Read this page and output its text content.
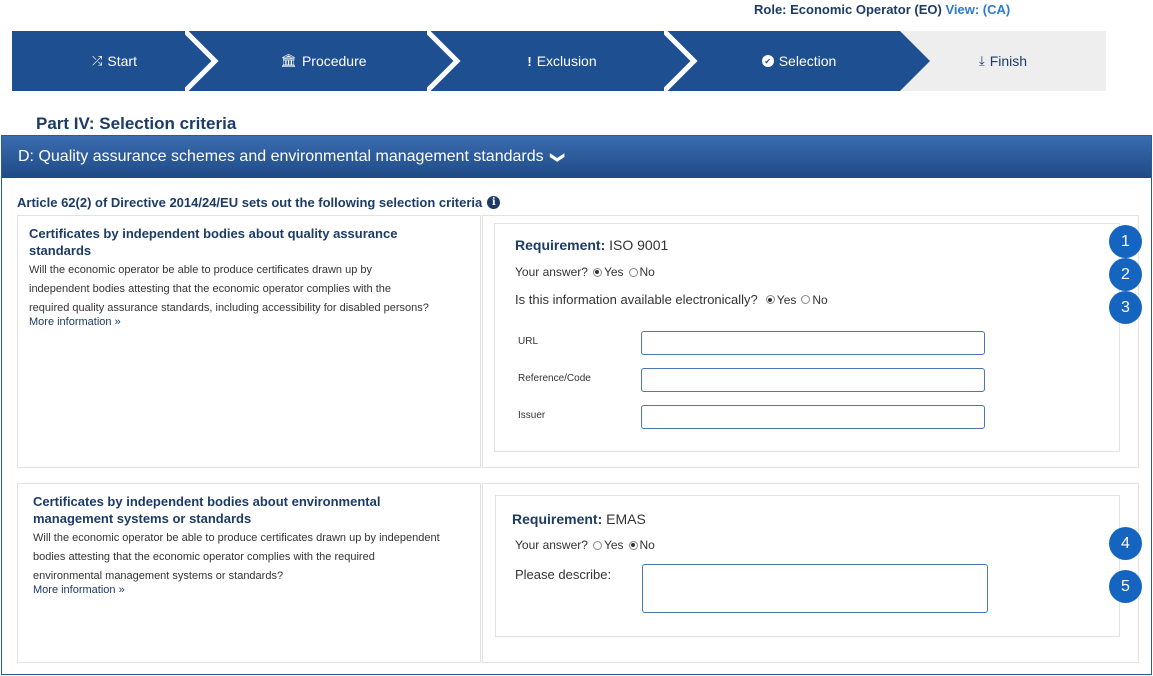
Role: Economic Operator (EO) View: (CA)
⤮ Start	🏛 Procedure	! Exclusion	✔ Selection	⤓ Finish
Part IV: Selection criteria
D: Quality assurance schemes and environmental management standards ❯
Article 62(2) of Directive 2014/24/EU sets out the following selection criteria i
Certificates by independent bodies about quality assurance standards
Will the economic operator be able to produce certificates drawn up by independent bodies attesting that the economic operator complies with the required quality assurance standards, including accessibility for disabled persons?
More information »
Requirement: ISO 9001
Your answer? Yes No
Is this information available electronically? Yes No
URL
Reference/Code
Issuer
Certificates by independent bodies about environmental management systems or standards
Will the economic operator be able to produce certificates drawn up by independent bodies attesting that the economic operator complies with the required environmental management systems or standards?
More information »
Requirement: EMAS
Your answer? Yes No
Please describe:
1
2
3
4
5
